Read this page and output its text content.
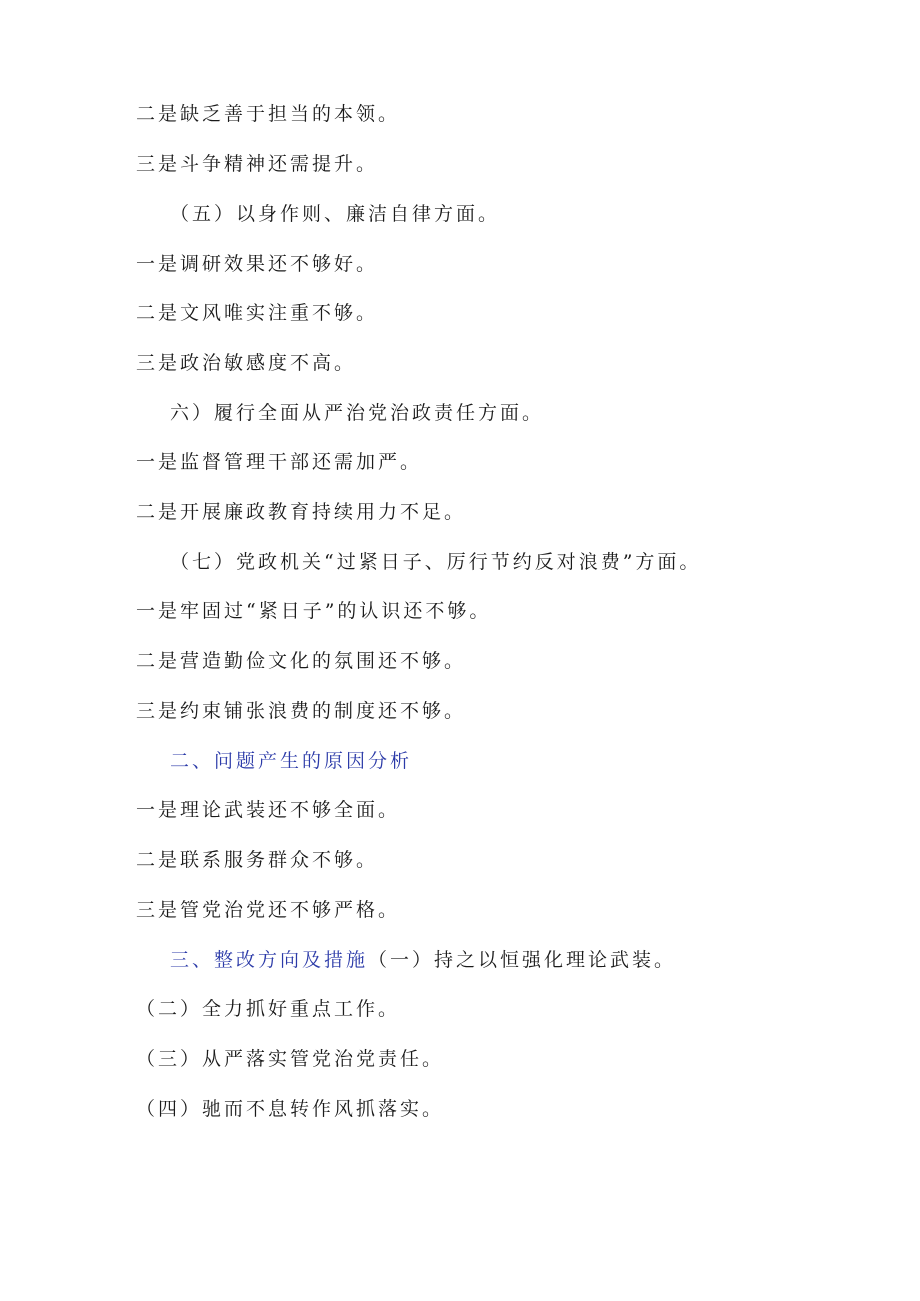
二是缺乏善于担当的本领。
三是斗争精神还需提升。
（五）以身作则、廉洁自律方面。
一是调研效果还不够好。
二是文风唯实注重不够。
三是政治敏感度不高。
六）履行全面从严治党治政责任方面。
一是监督管理干部还需加严。
二是开展廉政教育持续用力不足。
（七）党政机关“过紧日子、厉行节约反对浪费”方面。
一是牢固过“紧日子”的认识还不够。
二是营造勤俭文化的氛围还不够。
三是约束铺张浪费的制度还不够。
二、问题产生的原因分析
一是理论武装还不够全面。
二是联系服务群众不够。
三是管党治党还不够严格。
三、整改方向及措施（一）持之以恒强化理论武装。
（二）全力抓好重点工作。
（三）从严落实管党治党责任。
（四）驰而不息转作风抓落实。
